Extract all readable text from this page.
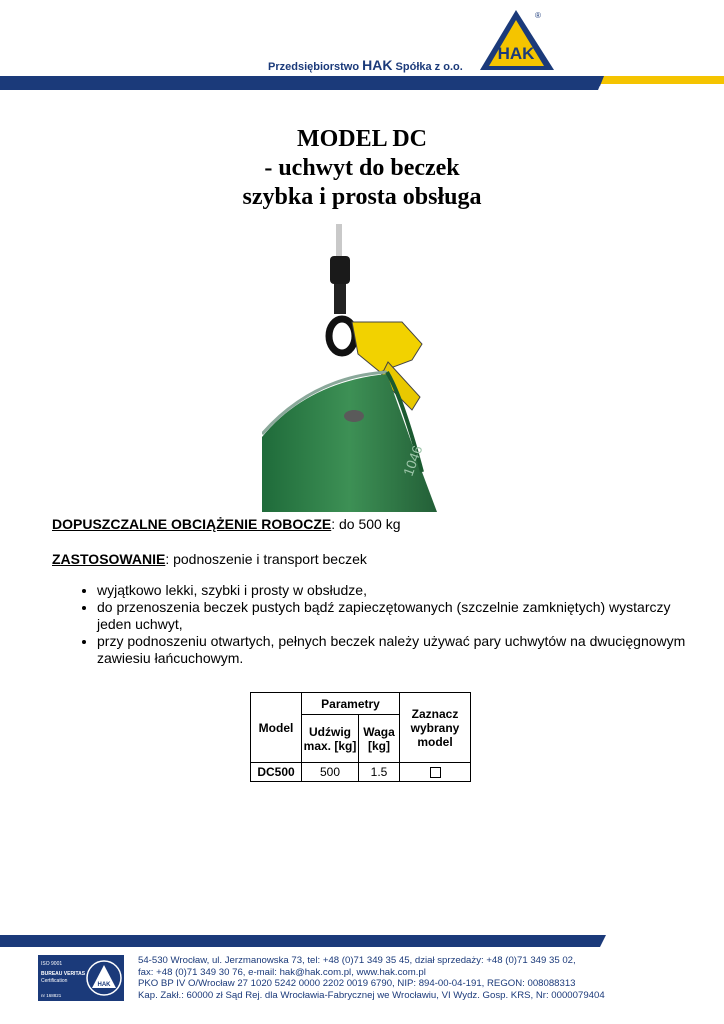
Przedsiębiorstwo HAK Spółka z o.o.
HAK
®
MODEL DC
- uchwyt do beczek
szybka i prosta obsługa
1046
DOPUSZCZALNE OBCIĄŻENIE ROBOCZE: do 500 kg
ZASTOSOWANIE: podnoszenie i transport beczek
• wyjątkowo lekki, szybki i prosty w obsłudze,
• do przenoszenia beczek pustych bądź zapieczętowanych (szczelnie zamkniętych) wystarczy jeden uchwyt,
• przy podnoszeniu otwartych, pełnych beczek należy używać pary uchwytów na dwucięgnowym zawiesiu łańcuchowym.
Model	Parametry		Zaznacz wybrany model
	Udźwig max. [kg]	Waga [kg]	
DC500	500	1.5	
ISO 9001
BUREAU VERITAS
Certification
nr 168821
HAK
54-530 Wrocław, ul. Jerzmanowska 73, tel: +48 (0)71 349 35 45, dział sprzedaży: +48 (0)71 349 35 02,
fax: +48 (0)71 349 30 76, e-mail: hak@hak.com.pl, www.hak.com.pl
PKO BP IV O/Wrocław 27 1020 5242 0000 2202 0019 6790, NIP: 894-00-04-191, REGON: 008088313
Kap. Zakł.: 60000 zł Sąd Rej. dla Wrocławia-Fabrycznej we Wrocławiu, VI Wydz. Gosp. KRS, Nr: 0000079404
